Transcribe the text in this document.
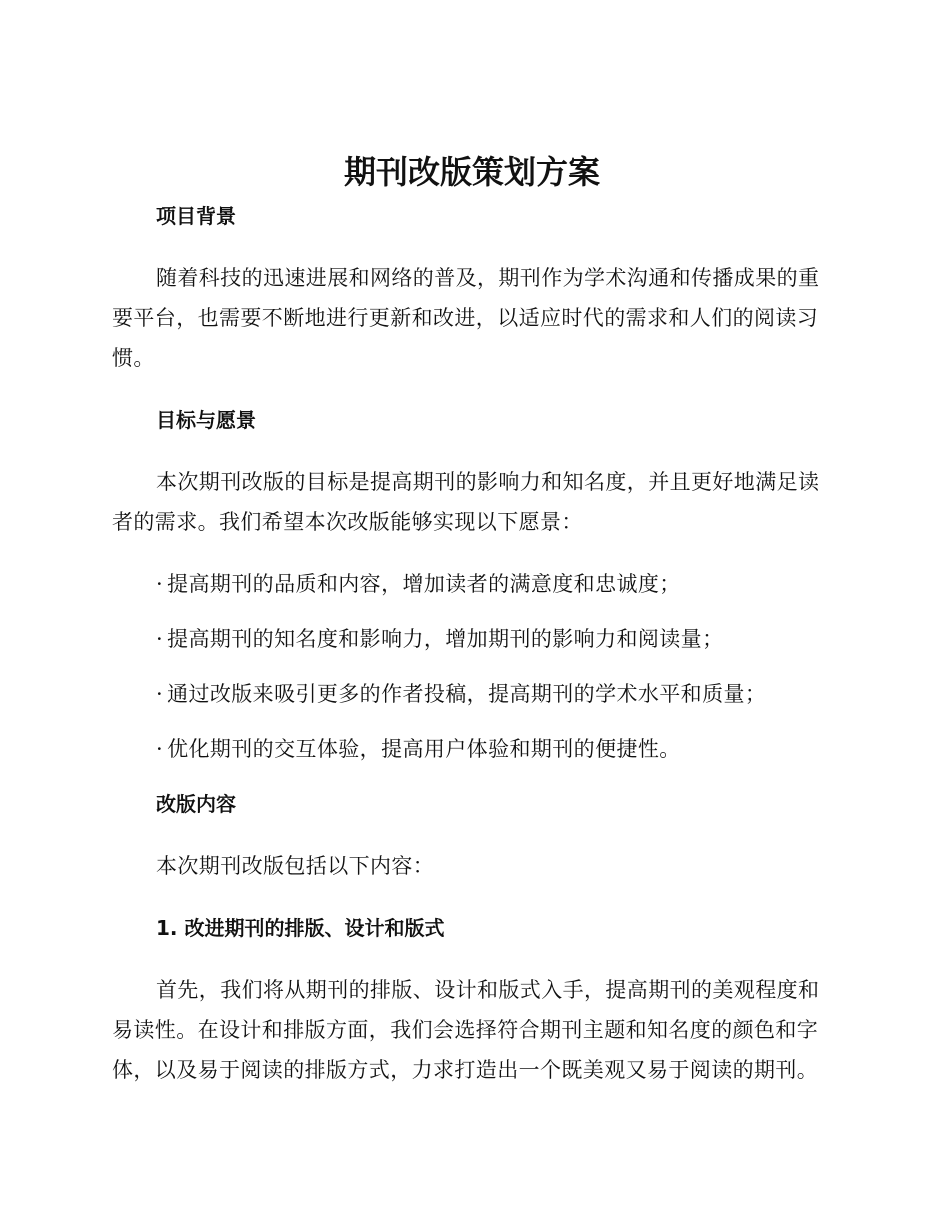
期刊改版策划方案
项目背景

随着科技的迅速进展和网络的普及，期刊作为学术沟通和传播成果的重要平台，也需要不断地进行更新和改进，以适应时代的需求和人们的阅读习惯。

目标与愿景

本次期刊改版的目标是提高期刊的影响力和知名度，并且更好地满足读者的需求。我们希望本次改版能够实现以下愿景：

· 提高期刊的品质和内容，增加读者的满意度和忠诚度；
· 提高期刊的知名度和影响力，增加期刊的影响力和阅读量；
· 通过改版来吸引更多的作者投稿，提高期刊的学术水平和质量；
· 优化期刊的交互体验，提高用户体验和期刊的便捷性。
改版内容

本次期刊改版包括以下内容：

1. 改进期刊的排版、设计和版式

首先，我们将从期刊的排版、设计和版式入手，提高期刊的美观程度和易读性。在设计和排版方面，我们会选择符合期刊主题和知名度的颜色和字体，以及易于阅读的排版方式，力求打造出一个既美观又易于阅读的期刊。
